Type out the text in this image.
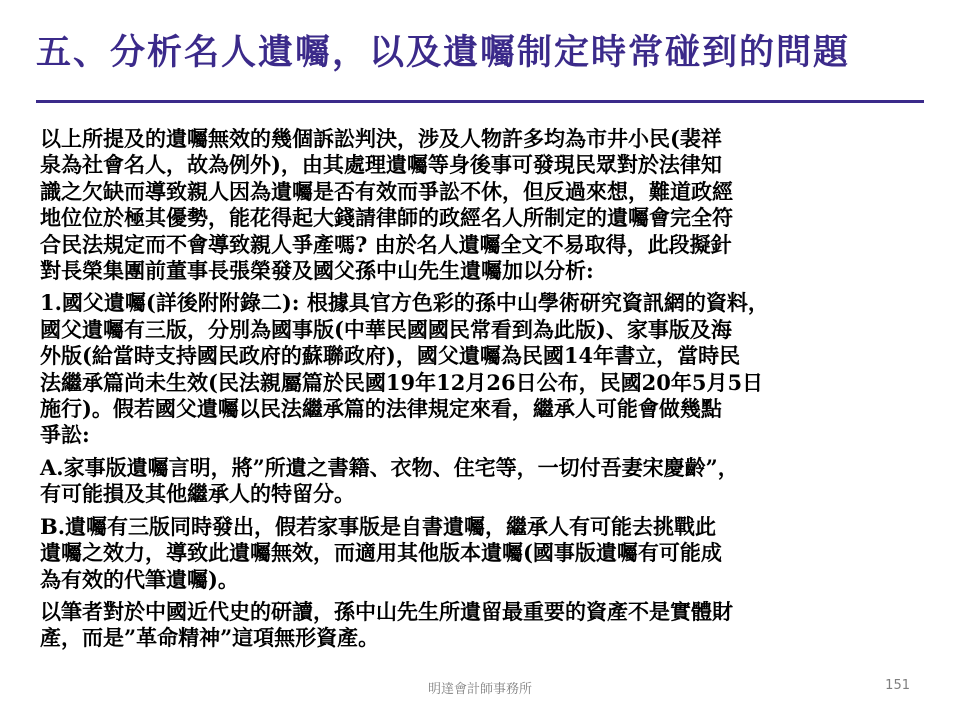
五、分析名人遺囑，以及遺囑制定時常碰到的問題

以上所提及的遺囑無效的幾個訴訟判決，涉及人物許多均為市井小民(裴祥
泉為社會名人，故為例外)，由其處理遺囑等身後事可發現民眾對於法律知
識之欠缺而導致親人因為遺囑是否有效而爭訟不休，但反過來想，難道政經
地位位於極其優勢，能花得起大錢請律師的政經名人所制定的遺囑會完全符
合民法規定而不會導致親人爭產嗎? 由於名人遺囑全文不易取得，此段擬針
對長榮集團前董事長張榮發及國父孫中山先生遺囑加以分析:

1.國父遺囑(詳後附附錄二): 根據具官方色彩的孫中山學術研究資訊網的資料，
國父遺囑有三版，分別為國事版(中華民國國民常看到為此版)、家事版及海
外版(給當時支持國民政府的蘇聯政府)，國父遺囑為民國14年書立，當時民
法繼承篇尚未生效(民法親屬篇於民國19年12月26日公布，民國20年5月5日
施行)。假若國父遺囑以民法繼承篇的法律規定來看，繼承人可能會做幾點
爭訟:

A.家事版遺囑言明，將”所遺之書籍、衣物、住宅等，一切付吾妻宋慶齡”，
有可能損及其他繼承人的特留分。

B.遺囑有三版同時發出，假若家事版是自書遺囑，繼承人有可能去挑戰此
遺囑之效力，導致此遺囑無效，而適用其他版本遺囑(國事版遺囑有可能成
為有效的代筆遺囑)。

以筆者對於中國近代史的研讀，孫中山先生所遺留最重要的資產不是實體財
產，而是”革命精神”這項無形資產。

明達會計師事務所	151
